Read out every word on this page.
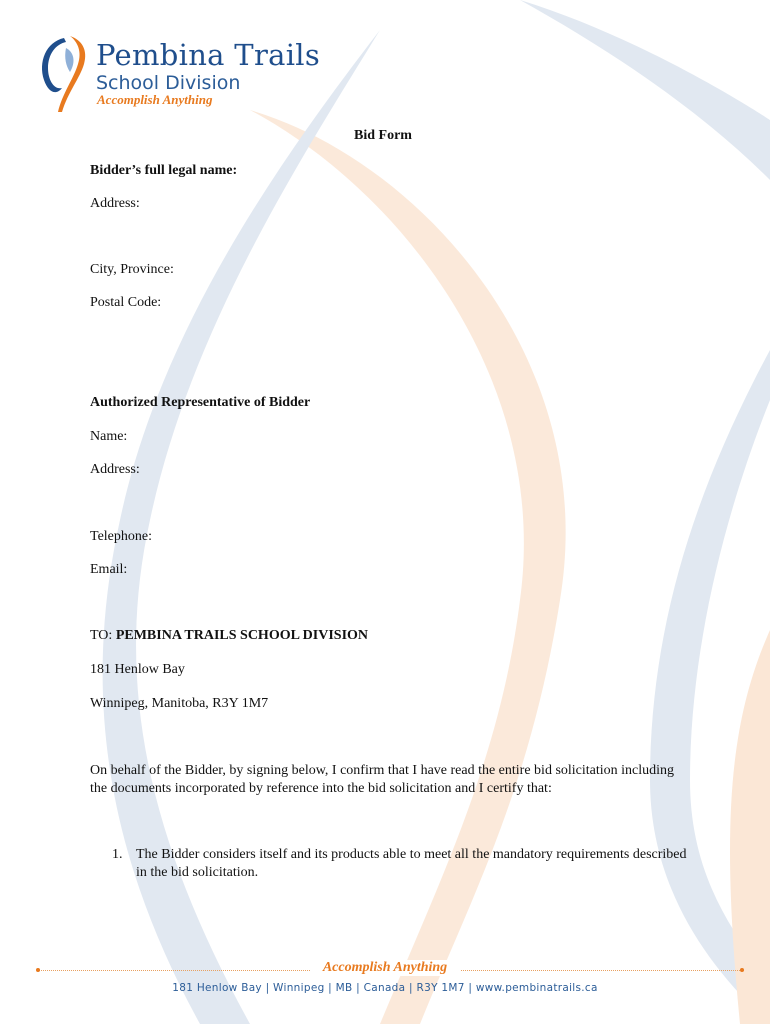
Pembina Trails
School Division
Accomplish Anything
Bid Form
Bidder’s full legal name:
Address:
City, Province:
Postal Code:
Authorized Representative of Bidder
Name:
Address:
Telephone:
Email:
TO: PEMBINA TRAILS SCHOOL DIVISION
181 Henlow Bay
Winnipeg, Manitoba, R3Y 1M7
On behalf of the Bidder, by signing below, I confirm that I have read the entire bid solicitation including the documents incorporated by reference into the bid solicitation and I certify that:
1. The Bidder considers itself and its products able to meet all the mandatory requirements described in the bid solicitation.
Accomplish Anything
181 Henlow Bay | Winnipeg | MB | Canada | R3Y 1M7 | www.pembinatrails.ca
